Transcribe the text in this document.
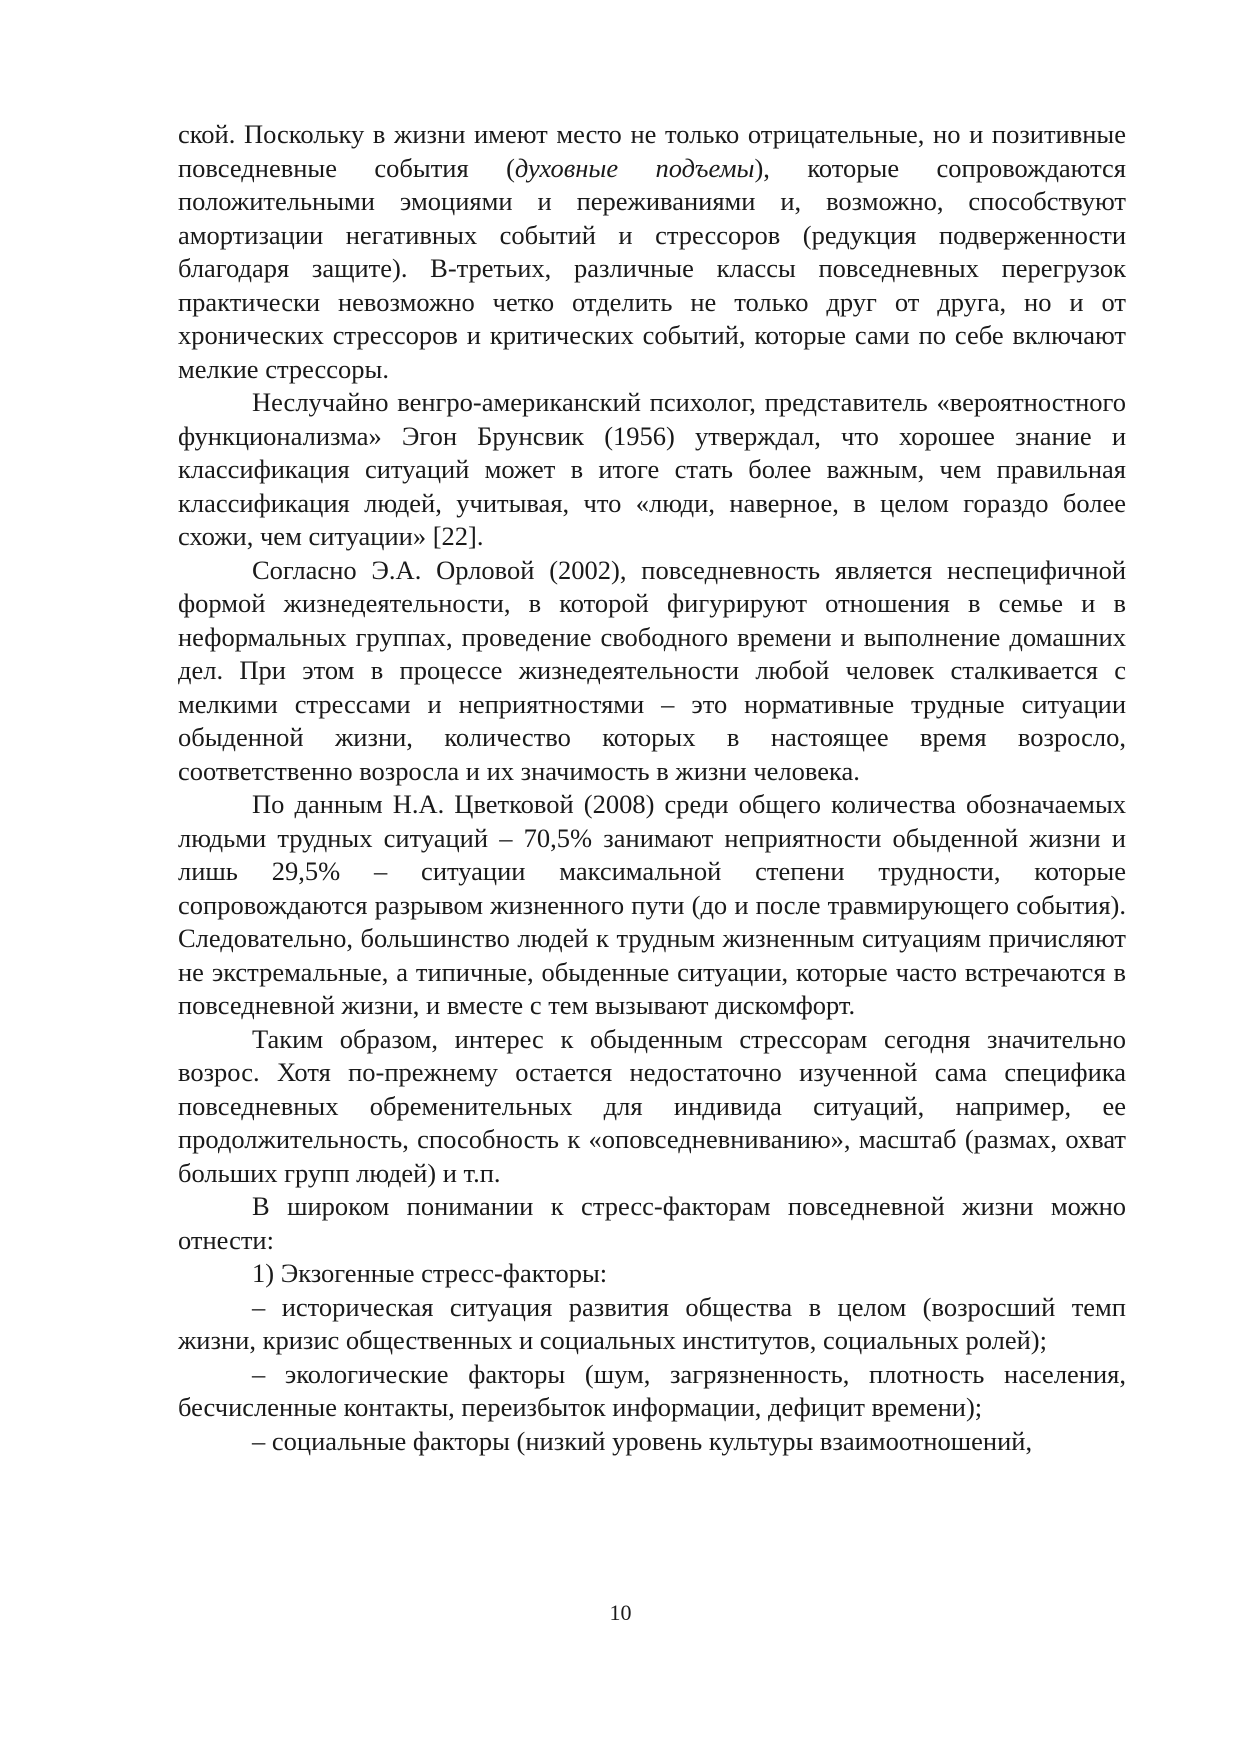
ской. Поскольку в жизни имеют место не только отрицательные, но и позитивные повседневные события (духовные подъемы), которые сопровождаются положительными эмоциями и переживаниями и, возможно, способствуют амортизации негативных событий и стрессоров (редукция подверженности благодаря защите). В-третьих, различные классы повседневных перегрузок практически невозможно четко отделить не только друг от друга, но и от хронических стрессоров и критических событий, которые сами по себе включают мелкие стрессоры.

Неслучайно венгро-американский психолог, представитель «вероятностного функционализма» Эгон Брунсвик (1956) утверждал, что хорошее знание и классификация ситуаций может в итоге стать более важным, чем правильная классификация людей, учитывая, что «люди, наверное, в целом гораздо более схожи, чем ситуации» [22].

Согласно Э.А. Орловой (2002), повседневность является неспецифичной формой жизнедеятельности, в которой фигурируют отношения в семье и в неформальных группах, проведение свободного времени и выполнение домашних дел. При этом в процессе жизнедеятельности любой человек сталкивается с мелкими стрессами и неприятностями – это нормативные трудные ситуации обыденной жизни, количество которых в настоящее время возросло, соответственно возросла и их значимость в жизни человека.

По данным Н.А. Цветковой (2008) среди общего количества обозначаемых людьми трудных ситуаций – 70,5% занимают неприятности обыденной жизни и лишь 29,5% – ситуации максимальной степени трудности, которые сопровождаются разрывом жизненного пути (до и после травмирующего события). Следовательно, большинство людей к трудным жизненным ситуациям причисляют не экстремальные, а типичные, обыденные ситуации, которые часто встречаются в повседневной жизни, и вместе с тем вызывают дискомфорт.

Таким образом, интерес к обыденным стрессорам сегодня значительно возрос. Хотя по-прежнему остается недостаточно изученной сама специфика повседневных обременительных для индивида ситуаций, например, ее продолжительность, способность к «оповседневниванию», масштаб (размах, охват больших групп людей) и т.п.

В широком понимании к стресс-факторам повседневной жизни можно отнести:

1) Экзогенные стресс-факторы:

– историческая ситуация развития общества в целом (возросший темп жизни, кризис общественных и социальных институтов, социальных ролей);

– экологические факторы (шум, загрязненность, плотность населения, бесчисленные контакты, переизбыток информации, дефицит времени);

– социальные факторы (низкий уровень культуры взаимоотношений,

10
